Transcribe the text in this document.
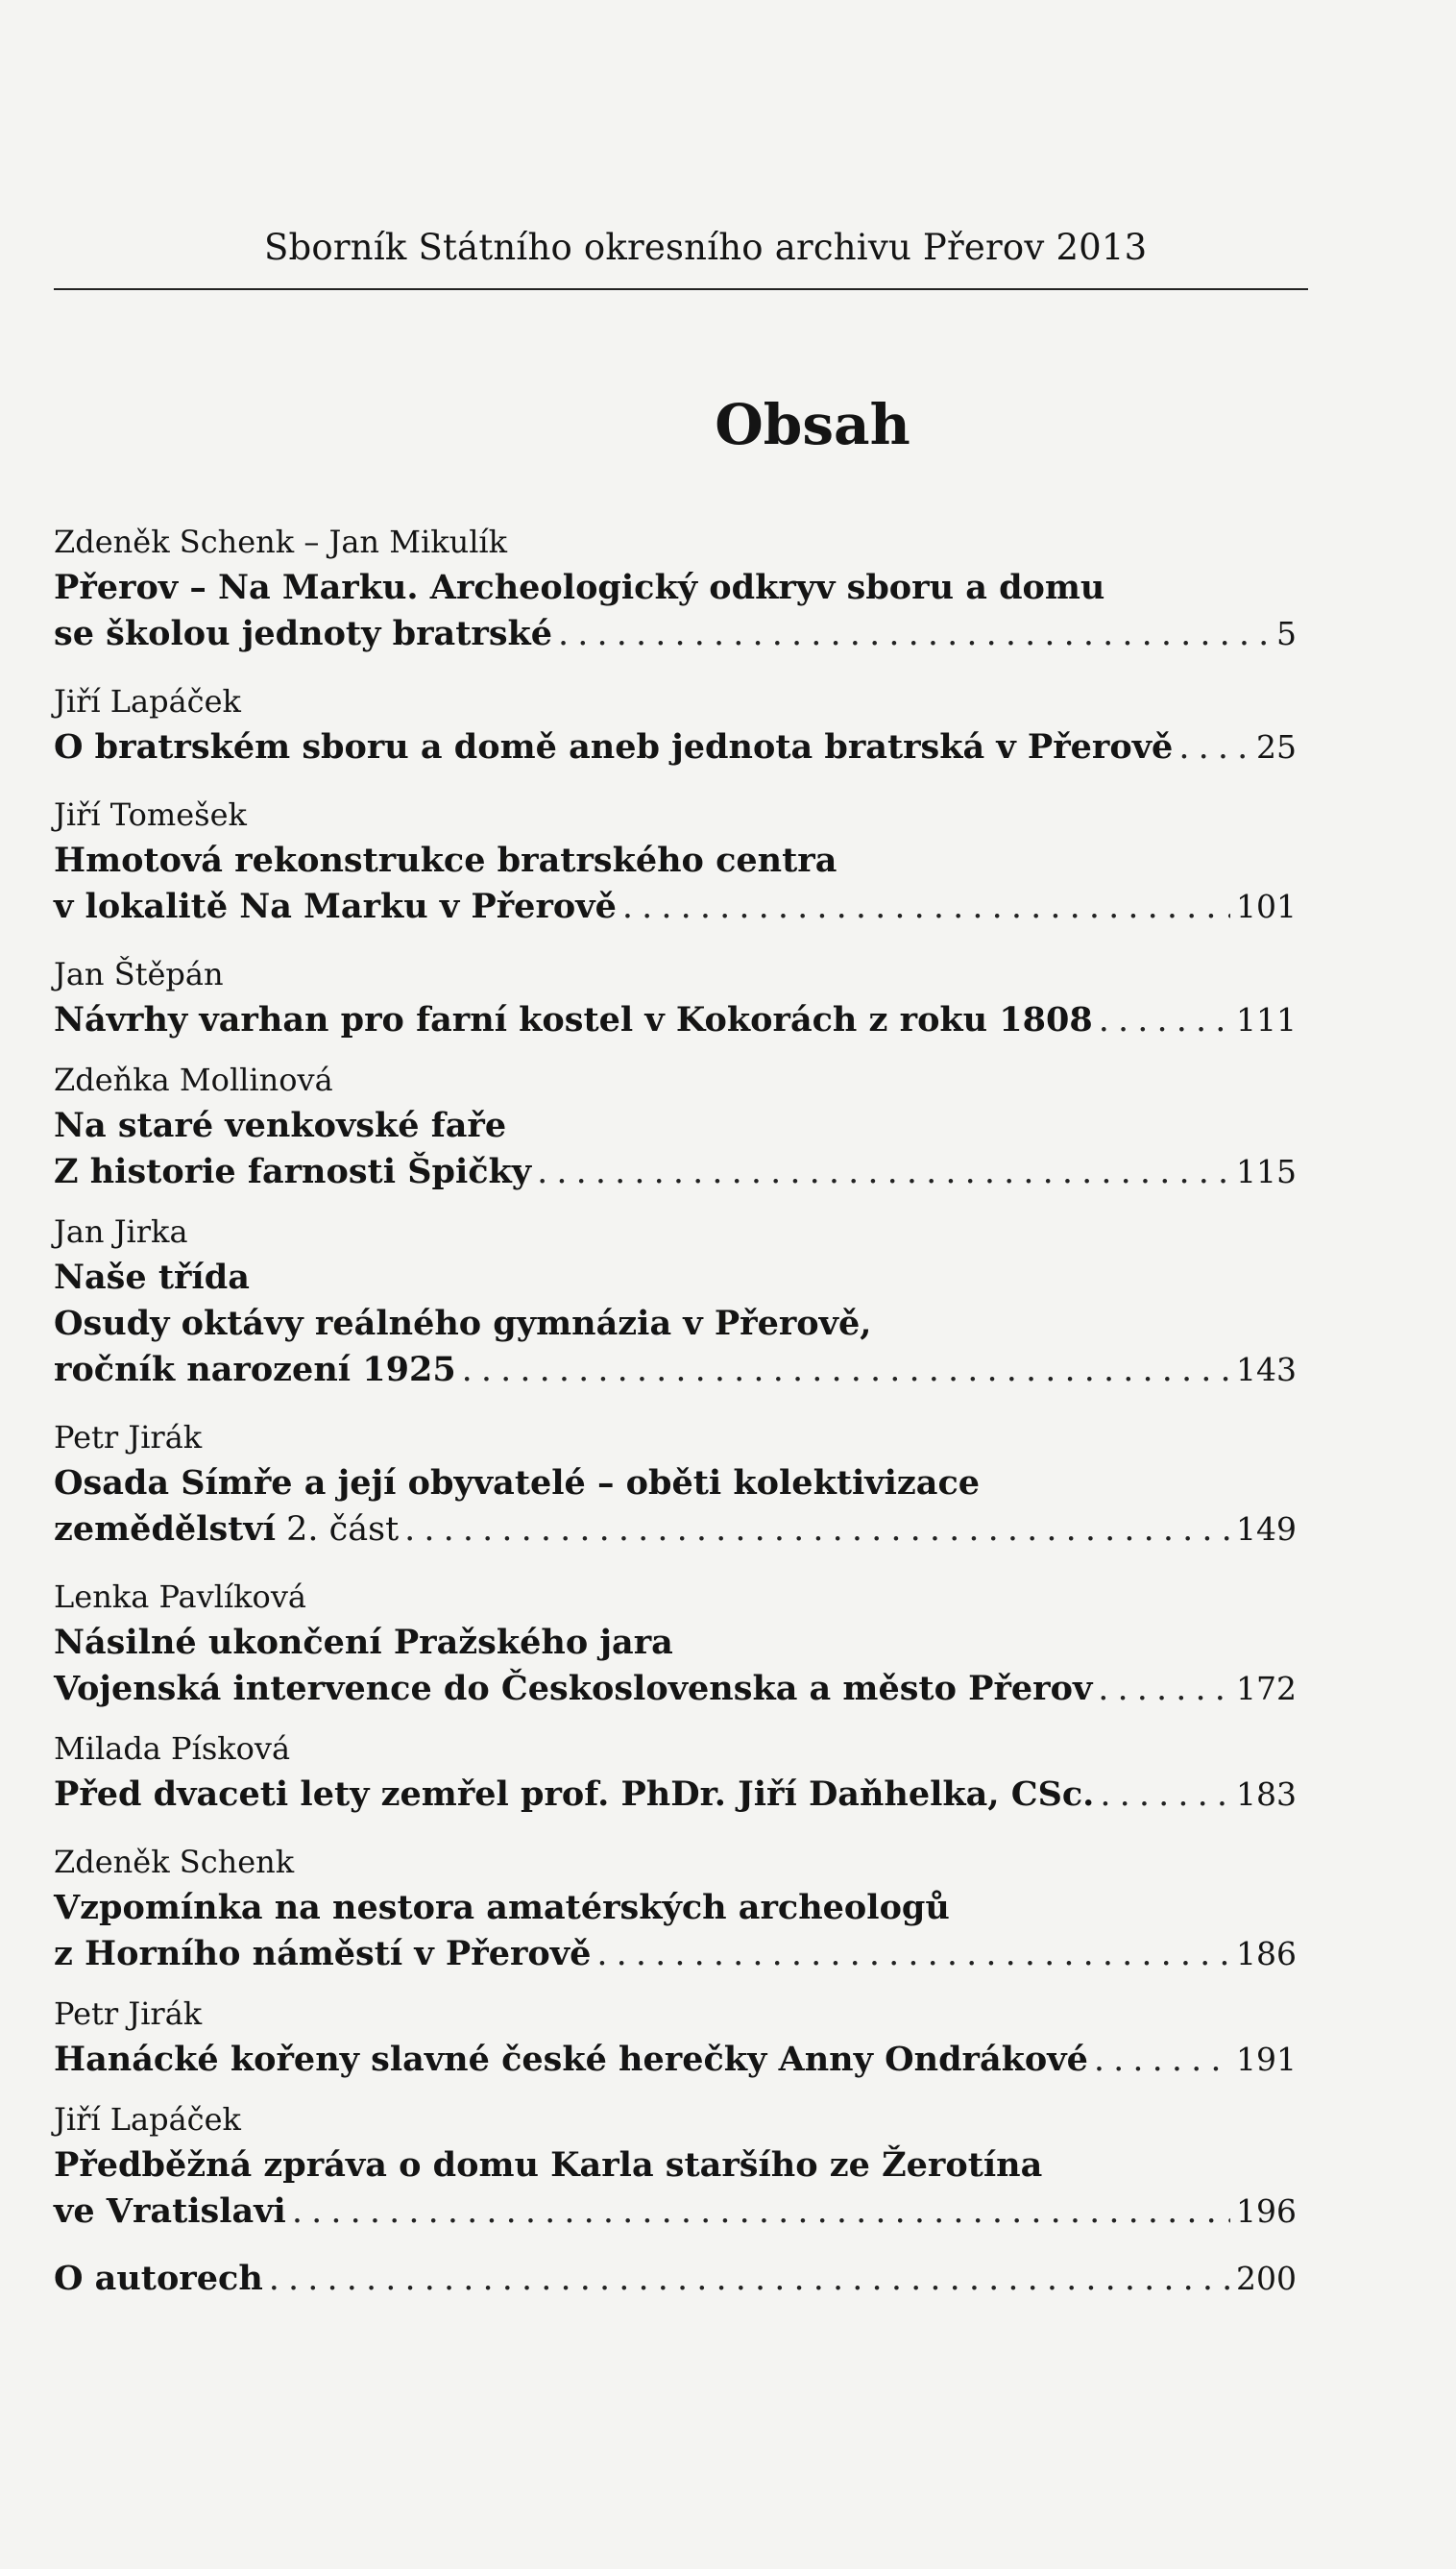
Sborník Státního okresního archivu Přerov 2013
Obsah
Zdeněk Schenk – Jan Mikulík
Přerov – Na Marku. Archeologický odkryv sboru a domu
se školou jednoty bratrské . . .	5
Jiří Lapáček
O bratrském sboru a domě aneb jednota bratrská v Přerově . . .	25
Jiří Tomešek
Hmotová rekonstrukce bratrského centra
v lokalitě Na Marku v Přerově . . .	101
Jan Štěpán
Návrhy varhan pro farní kostel v Kokorách z roku 1808 . . .	111
Zdeňka Mollinová
Na staré venkovské faře
Z historie farnosti Špičky . . .	115
Jan Jirka
Naše třída
Osudy oktávy reálného gymnázia v Přerově,
ročník narození 1925 . . .	143
Petr Jirák
Osada Símře a její obyvatelé – oběti kolektivizace
zemědělství 2. část . . .	149
Lenka Pavlíková
Násilné ukončení Pražského jara
Vojenská intervence do Československa a město Přerov . . .	172
Milada Písková
Před dvaceti lety zemřel prof. PhDr. Jiří Daňhelka, CSc. . . .	183
Zdeněk Schenk
Vzpomínka na nestora amatérských archeologů
z Horního náměstí v Přerově . . .	186
Petr Jirák
Hanácké kořeny slavné české herečky Anny Ondrákové . . .	191
Jiří Lapáček
Předběžná zpráva o domu Karla staršího ze Žerotína
ve Vratislavi . . .	196
O autorech . . .	200
